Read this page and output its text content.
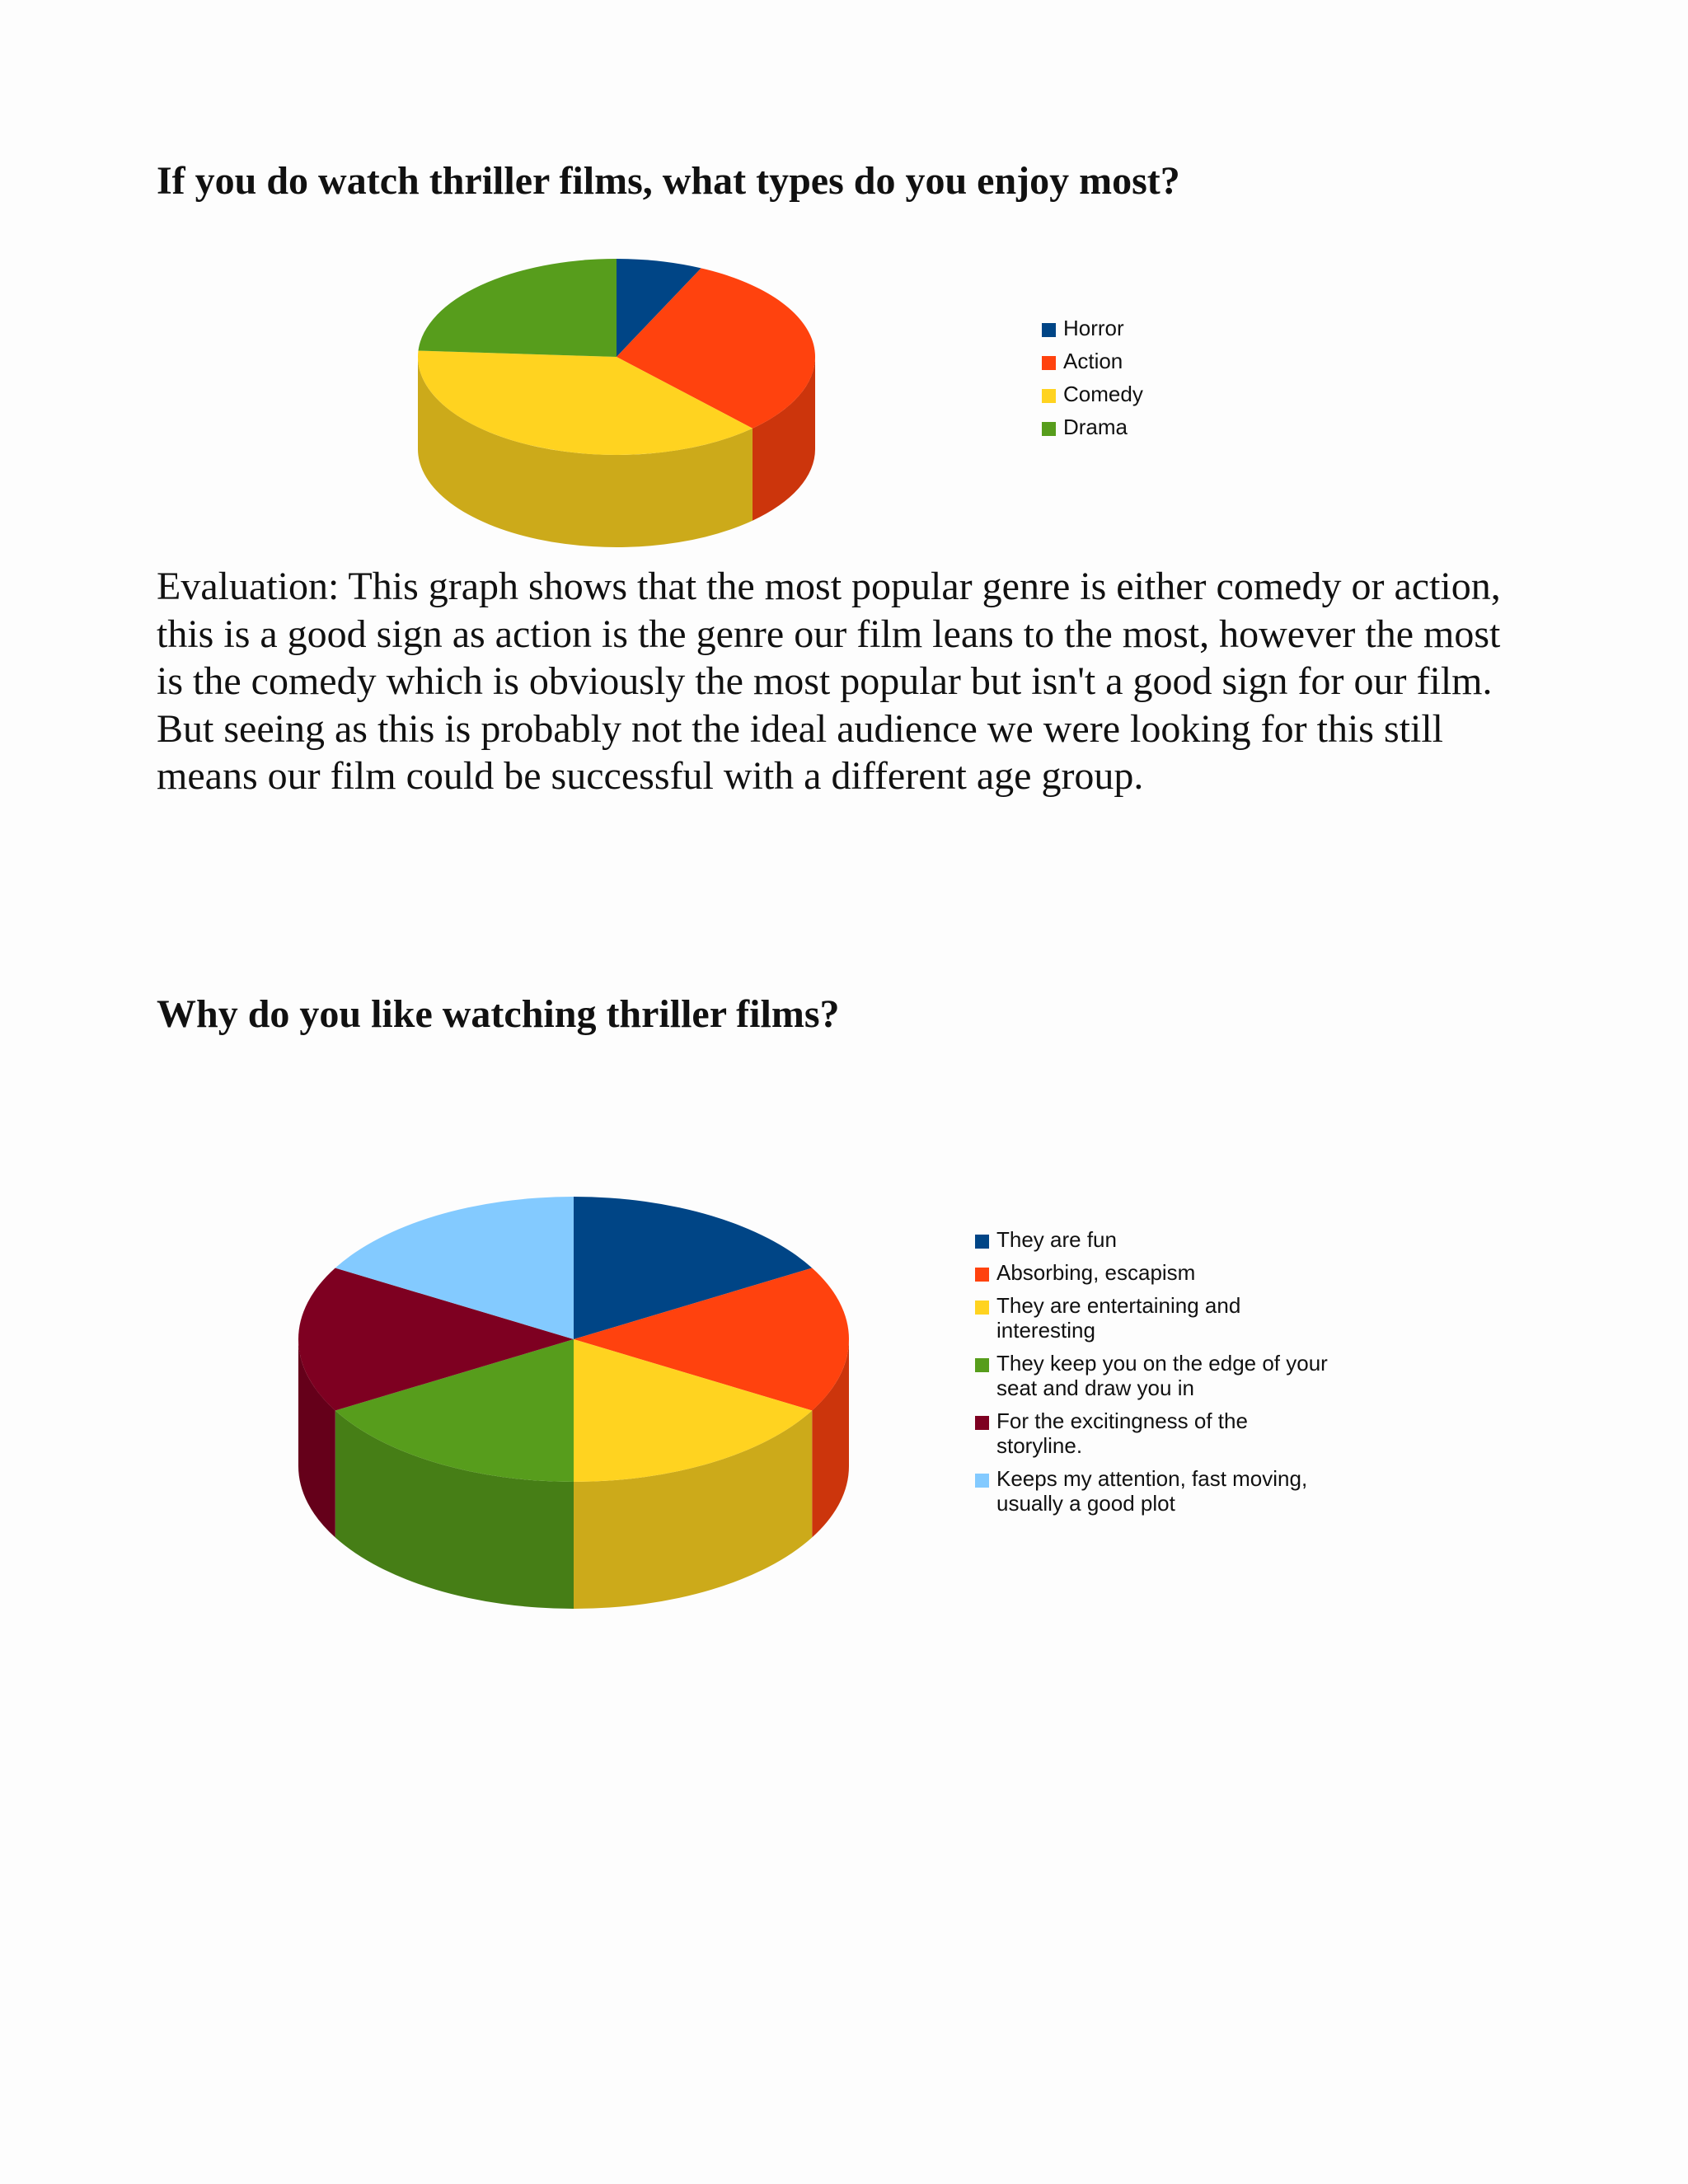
If you do watch thriller films, what types do you enjoy most?

Evaluation: This graph shows that the most popular genre is either comedy or action, this is a good sign as action is the genre our film leans to the most, however the most is the comedy which is obviously the most popular but isn't a good sign for our film. But seeing as this is probably not the ideal audience we were looking for this still means our film could be successful with a different age group.

Why do you like watching thriller films?
Horror
Action
Comedy
Drama
They are fun
Absorbing, escapism
They are entertaining and
interesting
They keep you on the edge of your
seat and draw you in
For the excitingness of the
storyline.
Keeps my attention, fast moving,
usually a good plot
